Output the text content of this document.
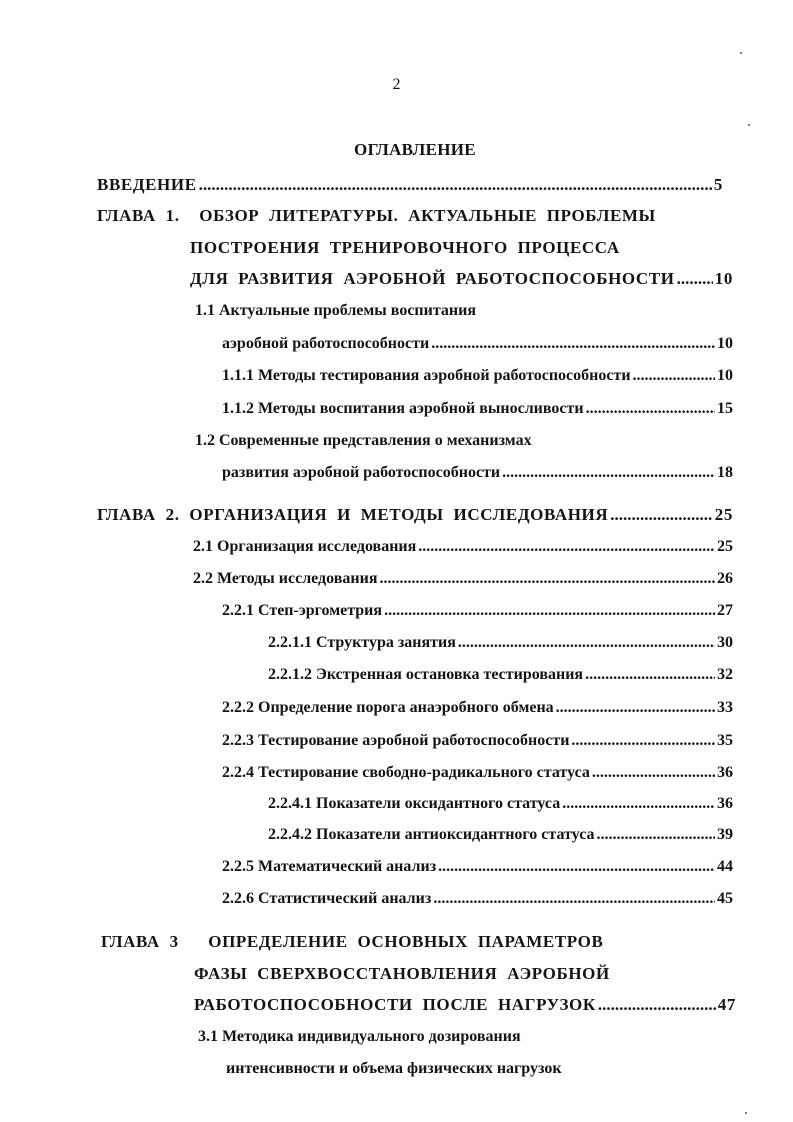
2
ОГЛАВЛЕНИЕ
ВВЕДЕНИЕ .....	5
ГЛАВА 1. ОБЗОР ЛИТЕРАТУРЫ. АКТУАЛЬНЫЕ ПРОБЛЕМЫ
ПОСТРОЕНИЯ ТРЕНИРОВОЧНОГО ПРОЦЕССА
ДЛЯ РАЗВИТИЯ АЭРОБНОЙ РАБОТОСПОСОБНОСТИ ..... 10
1.1 Актуальные проблемы воспитания
аэробной работоспособности .....	10
1.1.1 Методы тестирования аэробной работоспособности .....	10
1.1.2 Методы воспитания аэробной выносливости .....	15
1.2 Современные представления о механизмах
развития аэробной работоспособности .....	18
ГЛАВА 2. ОРГАНИЗАЦИЯ И МЕТОДЫ ИССЛЕДОВАНИЯ .....	25
2.1 Организация исследования .....	25
2.2 Методы исследования .....	26
2.2.1 Степ-эргометрия .....	27
2.2.1.1 Структура занятия .....	30
2.2.1.2 Экстренная остановка тестирования .....	32
2.2.2 Определение порога анаэробного обмена .....	33
2.2.3 Тестирование аэробной работоспособности .....	35
2.2.4 Тестирование свободно-радикального статуса .....	36
2.2.4.1 Показатели оксидантного статуса .....	36
2.2.4.2 Показатели антиоксидантного статуса .....	39
2.2.5 Математический анализ .....	44
2.2.6 Статистический анализ .....	45
ГЛАВА 3 ОПРЕДЕЛЕНИЕ ОСНОВНЫХ ПАРАМЕТРОВ
ФАЗЫ СВЕРХВОССТАНОВЛЕНИЯ АЭРОБНОЙ
РАБОТОСПОСОБНОСТИ ПОСЛЕ НАГРУЗОК .....	47
3.1 Методика индивидуального дозирования
интенсивности и объема физических нагрузок
